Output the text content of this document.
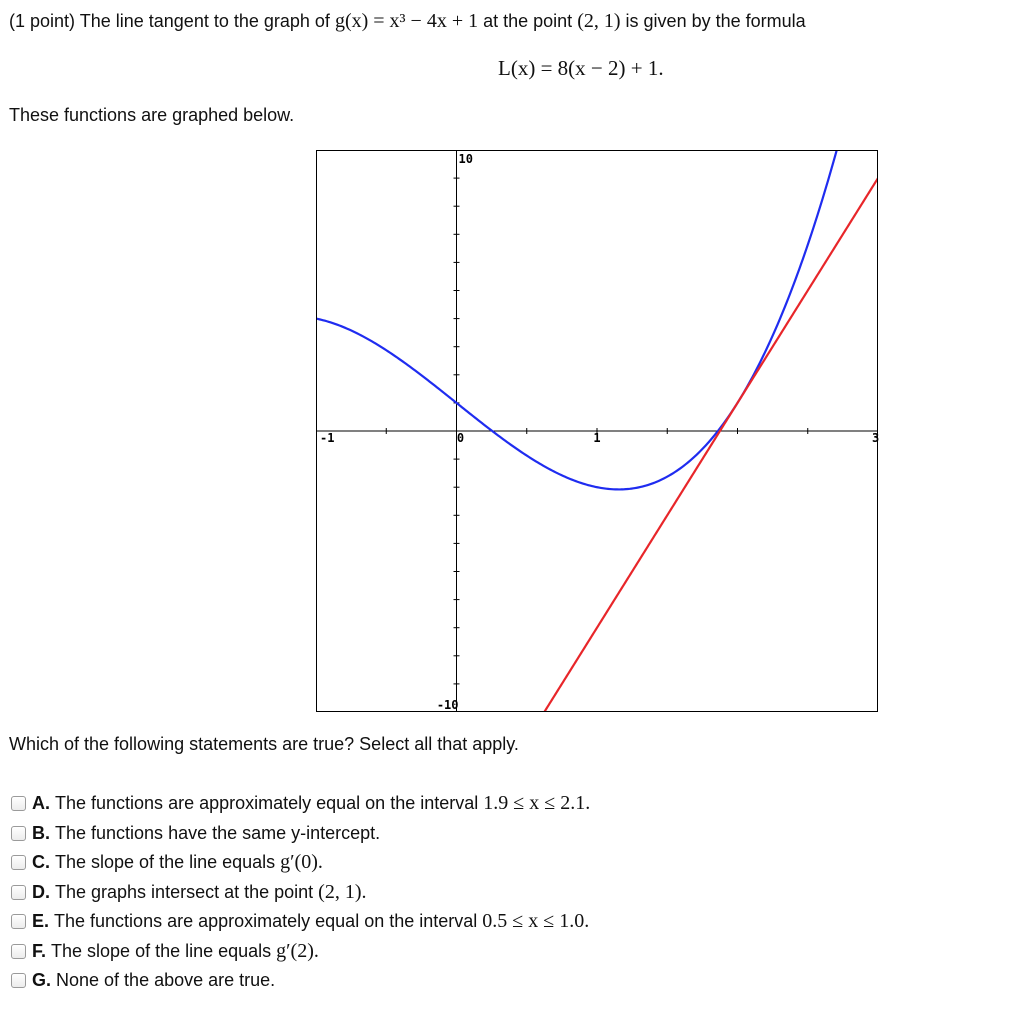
(1 point) The line tangent to the graph of g(x) = x³ − 4x + 1 at the point (2, 1) is given by the formula
L(x) = 8(x − 2) + 1.
These functions are graphed below.
-1	0	1	3
10
-10
Which of the following statements are true? Select all that apply.
A. The functions are approximately equal on the interval 1.9 ≤ x ≤ 2.1.
B. The functions have the same y-intercept.
C. The slope of the line equals g′(0).
D. The graphs intersect at the point (2, 1).
E. The functions are approximately equal on the interval 0.5 ≤ x ≤ 1.0.
F. The slope of the line equals g′(2).
G. None of the above are true.
